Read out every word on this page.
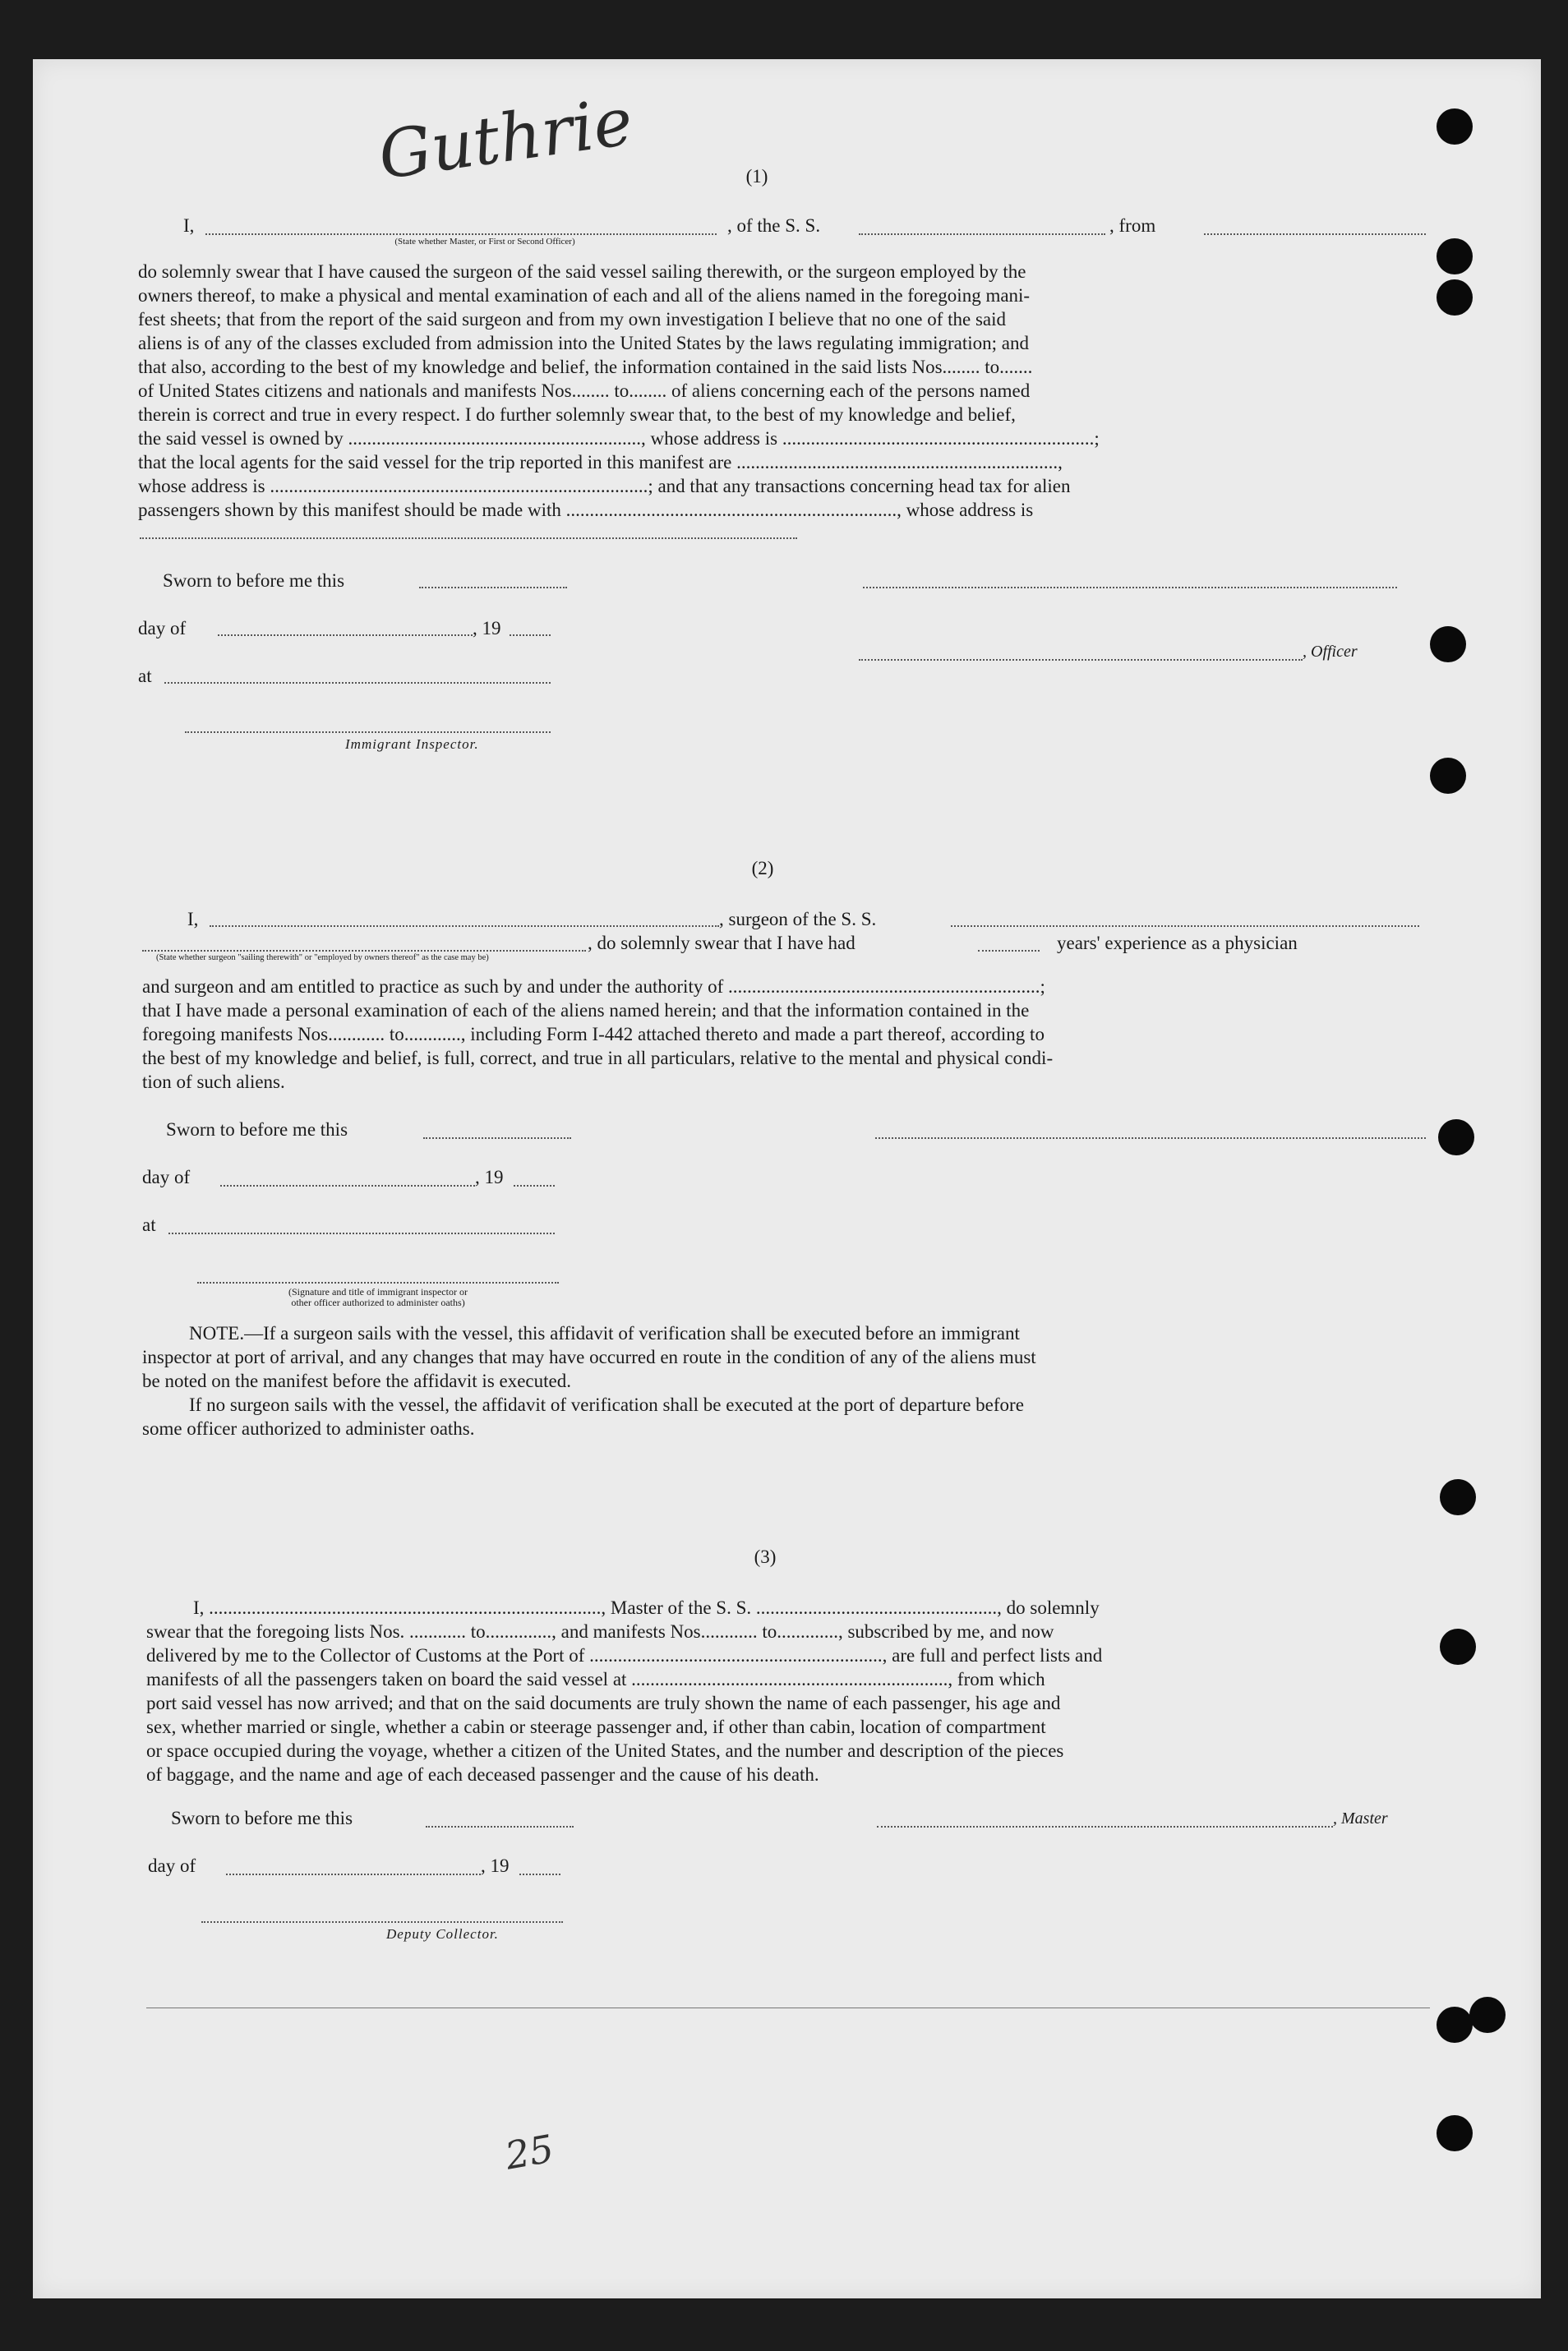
Guthrie	(1)
I,
(State whether Master, or First or Second Officer)
, of the S. S.	, from

do solemnly swear that I have caused the surgeon of the said vessel sailing therewith, or the surgeon employed by the

owners thereof, to make a physical and mental examination of each and all of the aliens named in the foregoing mani-

fest sheets; that from the report of the said surgeon and from my own investigation I believe that no one of the said

aliens is of any of the classes excluded from admission into the United States by the laws regulating immigration; and

that also, according to the best of my knowledge and belief, the information contained in the said lists Nos........ to.......

of United States citizens and nationals and manifests Nos........ to........ of aliens concerning each of the persons named

therein is correct and true in every respect. I do further solemnly swear that, to the best of my knowledge and belief,

the said vessel is owned by .............................................................., whose address is ..................................................................;

that the local agents for the said vessel for the trip reported in this manifest are ....................................................................,

whose address is ................................................................................; and that any transactions concerning head tax for alien

passengers shown by this manifest should be made with ......................................................................, whose address is

Sworn to before me this
day of	, 19
, Officer
at
Immigrant Inspector.
(2)
I,	, surgeon of the S. S.
, do solemnly swear that I have had	years' experience as a physician
(State whether surgeon "sailing therewith" or "employed by owners thereof" as the case may be)

and surgeon and am entitled to practice as such by and under the authority of ..................................................................;

that I have made a personal examination of each of the aliens named herein; and that the information contained in the

foregoing manifests Nos............ to............, including Form I-442 attached thereto and made a part thereof, according to

the best of my knowledge and belief, is full, correct, and true in all particulars, relative to the mental and physical condi-

tion of such aliens.

Sworn to before me this
day of	, 19
at
(Signature and title of immigrant inspector or
other officer authorized to administer oaths)

NOTE.—If a surgeon sails with the vessel, this affidavit of verification shall be executed before an immigrant

inspector at port of arrival, and any changes that may have occurred en route in the condition of any of the aliens must

be noted on the manifest before the affidavit is executed.

If no surgeon sails with the vessel, the affidavit of verification shall be executed at the port of departure before

some officer authorized to administer oaths.

(3)

I, ..................................................................................., Master of the S. S. ..................................................., do solemnly

swear that the foregoing lists Nos. ............ to.............., and manifests Nos............ to............., subscribed by me, and now

delivered by me to the Collector of Customs at the Port of .............................................................., are full and perfect lists and

manifests of all the passengers taken on board the said vessel at ..................................................................., from which

port said vessel has now arrived; and that on the said documents are truly shown the name of each passenger, his age and

sex, whether married or single, whether a cabin or steerage passenger and, if other than cabin, location of compartment

or space occupied during the voyage, whether a citizen of the United States, and the number and description of the pieces

of baggage, and the name and age of each deceased passenger and the cause of his death.

Sworn to before me this	, Master
day of	, 19
Deputy Collector.
25
